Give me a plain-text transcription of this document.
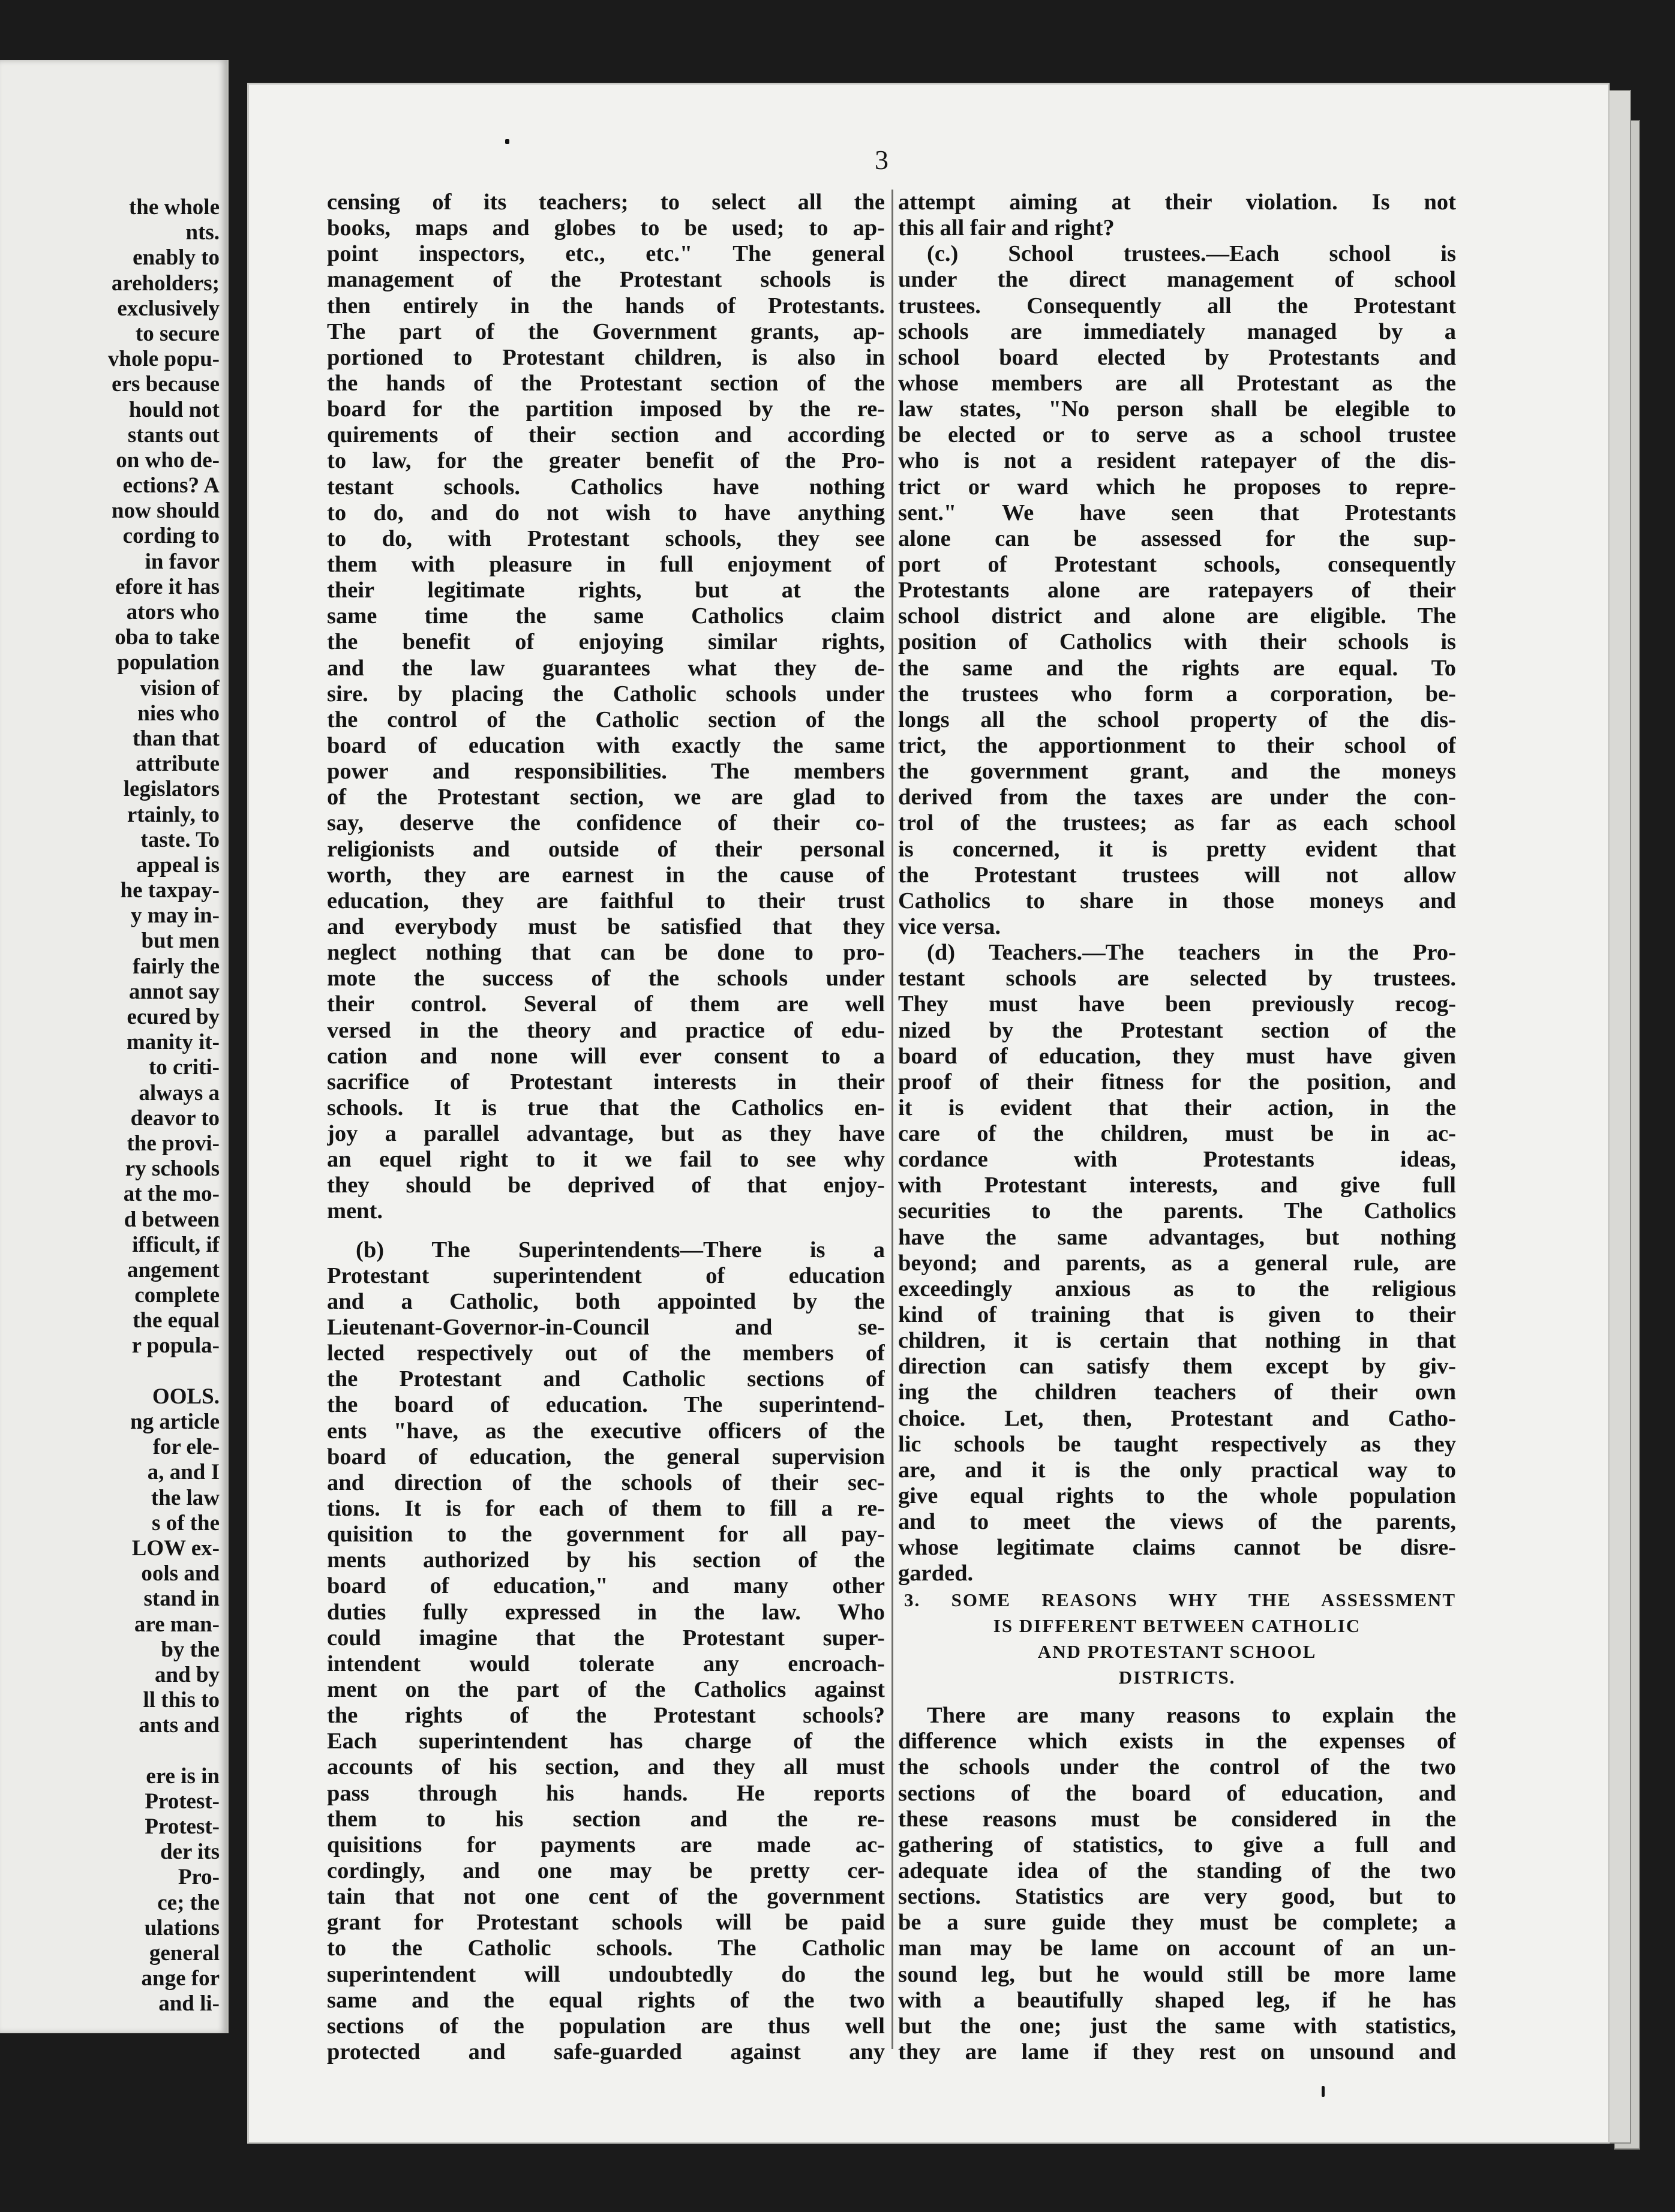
the whole
nts.
enably to
areholders;
exclusively
to secure
vhole popu-
ers because
hould not
stants out
on who de-
ections? A
now should
cording to
in favor
efore it has
ators who
oba to take
population
vision of
nies who
than that
attribute
legislators
rtainly, to
taste. To
appeal is
he taxpay-
y may in-
but men
fairly the
annot say
ecured by
manity it-
to criti-
always a
deavor to
the provi-
ry schools
at the mo-
d between
ifficult, if
angement
complete
the equal
r popula-
OOLS.
ng article
for ele-
a, and I
the law
s of the
LOW ex-
ools and
stand in
are man-
by the
and by
ll this to
ants and
ere is in
Protest-
Protest-
der its
Pro-
ce; the
ulations
general
ange for
and li-
3
censing of its teachers; to select all the
books, maps and globes to be used; to ap-
point inspectors, etc., etc." The general
management of the Protestant schools is
then entirely in the hands of Protestants.
The part of the Government grants, ap-
portioned to Protestant children, is also in
the hands of the Protestant section of the
board for the partition imposed by the re-
quirements of their section and according
to law, for the greater benefit of the Pro-
testant schools. Catholics have nothing
to do, and do not wish to have anything
to do, with Protestant schools, they see
them with pleasure in full enjoyment of
their legitimate rights, but at the
same time the same Catholics claim
the benefit of enjoying similar rights,
and the law guarantees what they de-
sire. by placing the Catholic schools under
the control of the Catholic section of the
board of education with exactly the same
power and responsibilities. The members
of the Protestant section, we are glad to
say, deserve the confidence of their co-
religionists and outside of their personal
worth, they are earnest in the cause of
education, they are faithful to their trust
and everybody must be satisfied that they
neglect nothing that can be done to pro-
mote the success of the schools under
their control. Several of them are well
versed in the theory and practice of edu-
cation and none will ever consent to a
sacrifice of Protestant interests in their
schools. It is true that the Catholics en-
joy a parallel advantage, but as they have
an equel right to it we fail to see why
they should be deprived of that enjoy-
ment.
(b) The Superintendents—There is a
Protestant superintendent of education
and a Catholic, both appointed by the
Lieutenant-Governor-in-Council and se-
lected respectively out of the members of
the Protestant and Catholic sections of
the board of education. The superintend-
ents "have, as the executive officers of the
board of education, the general supervision
and direction of the schools of their sec-
tions. It is for each of them to fill a re-
quisition to the government for all pay-
ments authorized by his section of the
board of education," and many other
duties fully expressed in the law. Who
could imagine that the Protestant super-
intendent would tolerate any encroach-
ment on the part of the Catholics against
the rights of the Protestant schools?
Each superintendent has charge of the
accounts of his section, and they all must
pass through his hands. He reports
them to his section and the re-
quisitions for payments are made ac-
cordingly, and one may be pretty cer-
tain that not one cent of the government
grant for Protestant schools will be paid
to the Catholic schools. The Catholic
superintendent will undoubtedly do the
same and the equal rights of the two
sections of the population are thus well
protected and safe-guarded against any
attempt aiming at their violation. Is not
this all fair and right?
(c.) School trustees.—Each school is
under the direct management of school
trustees. Consequently all the Protestant
schools are immediately managed by a
school board elected by Protestants and
whose members are all Protestant as the
law states, "No person shall be elegible to
be elected or to serve as a school trustee
who is not a resident ratepayer of the dis-
trict or ward which he proposes to repre-
sent." We have seen that Protestants
alone can be assessed for the sup-
port of Protestant schools, consequently
Protestants alone are ratepayers of their
school district and alone are eligible. The
position of Catholics with their schools is
the same and the rights are equal. To
the trustees who form a corporation, be-
longs all the school property of the dis-
trict, the apportionment to their school of
the government grant, and the moneys
derived from the taxes are under the con-
trol of the trustees; as far as each school
is concerned, it is pretty evident that
the Protestant trustees will not allow
Catholics to share in those moneys and
vice versa.
(d) Teachers.—The teachers in the Pro-
testant schools are selected by trustees.
They must have been previously recog-
nized by the Protestant section of the
board of education, they must have given
proof of their fitness for the position, and
it is evident that their action, in the
care of the children, must be in ac-
cordance with Protestants ideas,
with Protestant interests, and give full
securities to the parents. The Catholics
have the same advantages, but nothing
beyond; and parents, as a general rule, are
exceedingly anxious as to the religious
kind of training that is given to their
children, it is certain that nothing in that
direction can satisfy them except by giv-
ing the children teachers of their own
choice. Let, then, Protestant and Catho-
lic schools be taught respectively as they
are, and it is the only practical way to
give equal rights to the whole population
and to meet the views of the parents,
whose legitimate claims cannot be disre-
garded.
3. SOME REASONS WHY THE ASSESSMENT
IS DIFFERENT BETWEEN CATHOLIC
AND PROTESTANT SCHOOL
DISTRICTS.
There are many reasons to explain the
difference which exists in the expenses of
the schools under the control of the two
sections of the board of education, and
these reasons must be considered in the
gathering of statistics, to give a full and
adequate idea of the standing of the two
sections. Statistics are very good, but to
be a sure guide they must be complete; a
man may be lame on account of an un-
sound leg, but he would still be more lame
with a beautifully shaped leg, if he has
but the one; just the same with statistics,
they are lame if they rest on unsound and
